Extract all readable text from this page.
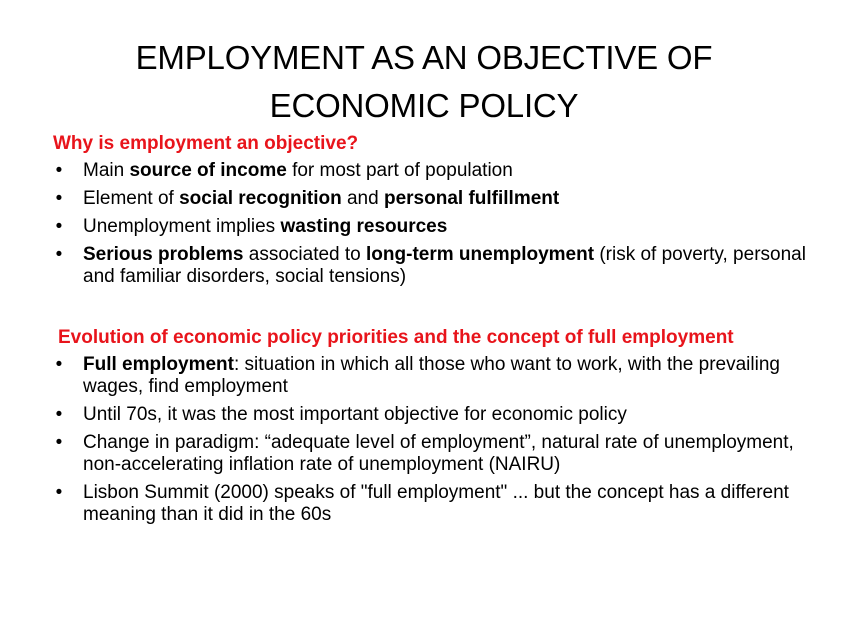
EMPLOYMENT AS AN OBJECTIVE OF
ECONOMIC POLICY
Why is employment an objective?
• Main source of income for most part of population
• Element of social recognition and personal fulfillment
• Unemployment implies wasting resources
• Serious problems associated to long-term unemployment (risk of poverty, personal and familiar disorders, social tensions)
Evolution of economic policy priorities and the concept of full employment
• Full employment: situation in which all those who want to work, with the prevailing wages, find employment
• Until 70s, it was the most important objective for economic policy
• Change in paradigm: “adequate level of employment”, natural rate of unemployment, non-accelerating inflation rate of unemployment (NAIRU)
• Lisbon Summit (2000) speaks of "full employment" ... but the concept has a different meaning than it did in the 60s
